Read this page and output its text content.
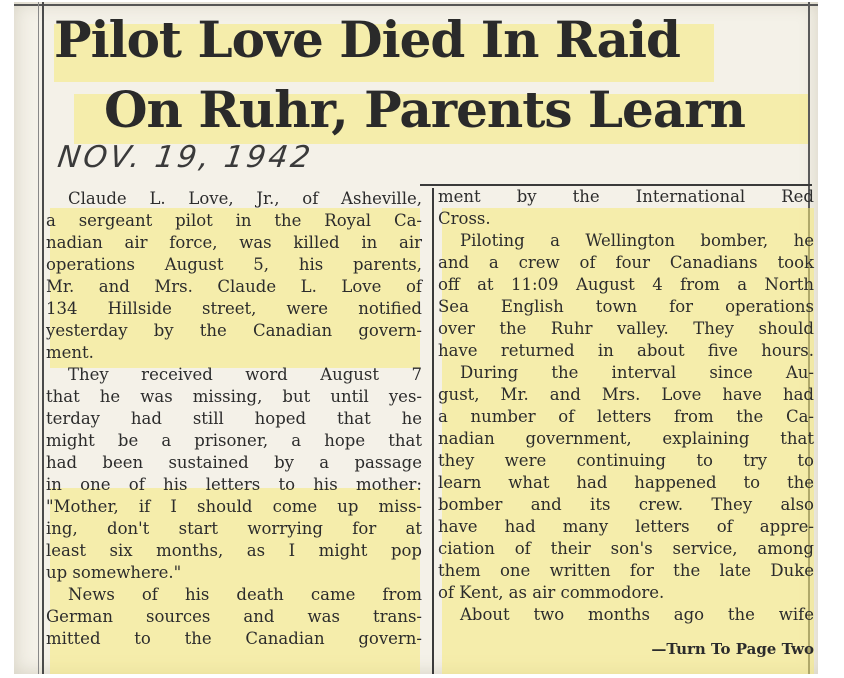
Pilot Love Died In Raid
On Ruhr, Parents Learn
NOV. 19, 1942
Claude L. Love, Jr., of Asheville,
a sergeant pilot in the Royal Ca-
nadian air force, was killed in air
operations August 5, his parents,
Mr. and Mrs. Claude L. Love of
134 Hillside street, were notified
yesterday by the Canadian govern-
ment.
They received word August 7
that he was missing, but until yes-
terday had still hoped that he
might be a prisoner, a hope that
had been sustained by a passage
in one of his letters to his mother:
"Mother, if I should come up miss-
ing, don't start worrying for at
least six months, as I might pop
up somewhere."
News of his death came from
German sources and was trans-
mitted to the Canadian govern-
ment by the International Red
Cross.
Piloting a Wellington bomber, he
and a crew of four Canadians took
off at 11:09 August 4 from a North
Sea English town for operations
over the Ruhr valley. They should
have returned in about five hours.
During the interval since Au-
gust, Mr. and Mrs. Love have had
a number of letters from the Ca-
nadian government, explaining that
they were continuing to try to
learn what had happened to the
bomber and its crew. They also
have had many letters of appre-
ciation of their son's service, among
them one written for the late Duke
of Kent, as air commodore.
About two months ago the wife
—Turn To Page Two
